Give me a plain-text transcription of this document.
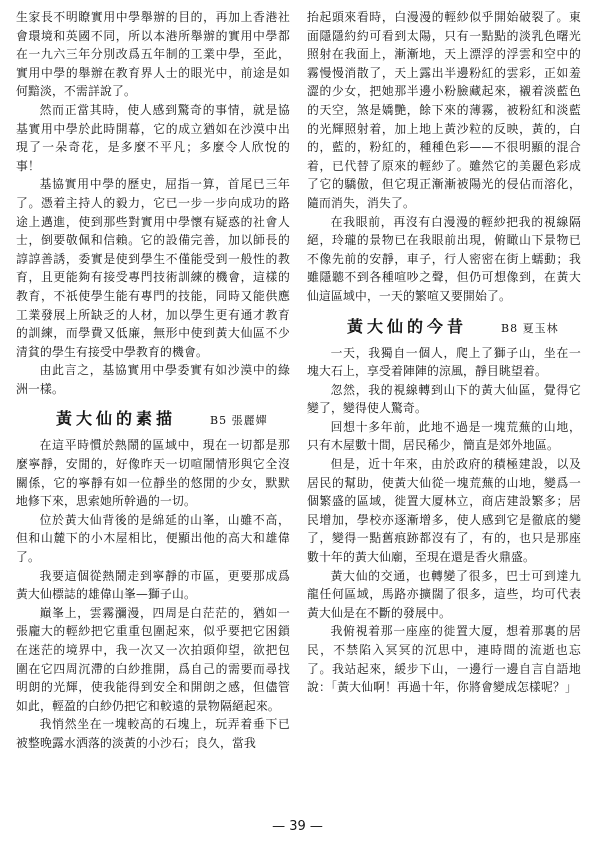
生家長不明瞭實用中學舉辦的目的，再加上香港社會環境和英國不同，所以本港所舉辦的實用中學都在一九六三年分別改爲五年制的工業中學，至此，實用中學的舉辦在教育界人士的眼光中，前途是如何黯淡，不需詳說了。

然而正當其時，使人感到驚奇的事情，就是協基實用中學於此時開幕，它的成立猶如在沙漠中出現了一朵奇花，是多麼不平凡；多麼令人欣悅的事！

基協實用中學的歷史，屈指一算，首尾已三年了。憑着主持人的毅力，它已一步一步向成功的路途上邁進，使到那些對實用中學懷有疑惑的社會人士，倒要敬佩和信賴。它的設備完善，加以師長的諄諄善誘，委實是使到學生不僅能受到一般性的教育，且更能夠有接受專門技術訓練的機會，這樣的教育，不祇使學生能有專門的技能，同時又能供應工業發展上所缺乏的人材，加以學生更有通才教育的訓練，而學費又低廉，無形中使到黃大仙區不少清貧的學生有接受中學教育的機會。

由此言之，基協實用中學委實有如沙漠中的綠洲一樣。

黃大仙的素描	B5 張麗嬋

在這平時慣於熱鬧的區域中，現在一切都是那麼寧靜，安閒的，好像昨天一切喧鬧情形與它全沒關係，它的寧靜有如一位靜坐的悠閒的少女，默默地修下來，思索她所幹過的一切。

位於黃大仙背後的是綿延的山峯，山雖不高，但和山麓下的小木屋相比，便顯出他的高大和雄偉了。

我要這個從熱鬧走到寧靜的市區，更要那成爲黃大仙標誌的雄偉山峯—獅子山。

巔峯上，雲霧瀰漫，四周是白茫茫的，猶如一張龐大的輕紗把它重重包圍起來，似乎要把它困鎖在迷茫的境界中，我一次又一次拍頭仰望，欲把包圍在它四周沉滯的白紗推開，爲自己的需要而尋找明朗的光輝，使我能得到安全和開朗之感，但儘管如此，輕盈的白紗仍把它和較遠的景物隔絕起來。

我悄然坐在一塊較高的石塊上，玩弄着垂下已被整晚露水洒落的淡黃的小沙石；良久，當我

抬起頭來看時，白漫漫的輕紗似乎開始破裂了。東面隱隱約約可看到太陽，只有一點點的淡乳色曙光照射在我面上，漸漸地，天上漂浮的浮雲和空中的霧慢慢消散了，天上露出半邊粉紅的雲彩，正如羞澀的少女，把她那半邊小粉臉藏起來，襯着淡藍色的天空，煞是嬌艷，餘下來的薄霧，被粉紅和淡藍的光輝照射着，加上地上黃沙粒的反映，黃的，白的，藍的，粉紅的，種種色彩——不很明顯的混合着，已代替了原來的輕紗了。雖然它的美麗色彩成了它的驕傲，但它現正漸漸被陽光的侵佔而溶化，隨而消失，消失了。

在我眼前，再沒有白漫漫的輕紗把我的視線隔絕，玲瓏的景物已在我眼前出現，俯瞰山下景物已不像先前的安靜，車子，行人密密在街上蠕動；我雖隱聽不到各種喧吵之聲，但仍可想像到，在黃大仙這區域中，一天的繁喧又要開始了。

黃大仙的今昔	B8 夏玉林

一天，我獨自一個人，爬上了獅子山，坐在一塊大石上，享受着陣陣的涼風，靜目眺望着。

忽然，我的視線轉到山下的黃大仙區，覺得它變了，變得使人驚奇。

回想十多年前，此地不過是一塊荒蕪的山地，只有木屋數十間，居民稀少，簡直是郊外地區。

但是，近十年來，由於政府的積極建設，以及居民的幫助，使黃大仙從一塊荒蕪的山地，變爲一個繁盛的區域，徙置大厦林立，商店建設繁多；居民增加，學校亦逐漸增多，使人感到它是徹底的變了，變得一點舊痕跡都沒有了，有的，也只是那座數十年的黃大仙廟，至現在還是香火鼎盛。

黃大仙的交通，也轉變了很多，巴士可到達九龍任何區域，馬路亦擴闊了很多，這些，均可代表黃大仙是在不斷的發展中。

我俯視着那一座座的徙置大厦，想着那裏的居民，不禁陷入冥冥的沉思中，連時間的流逝也忘了。我站起來，緩步下山，一邊行一邊自言自語地說：「黃大仙啊！再過十年，你將會變成怎樣呢？」

— 39 —
